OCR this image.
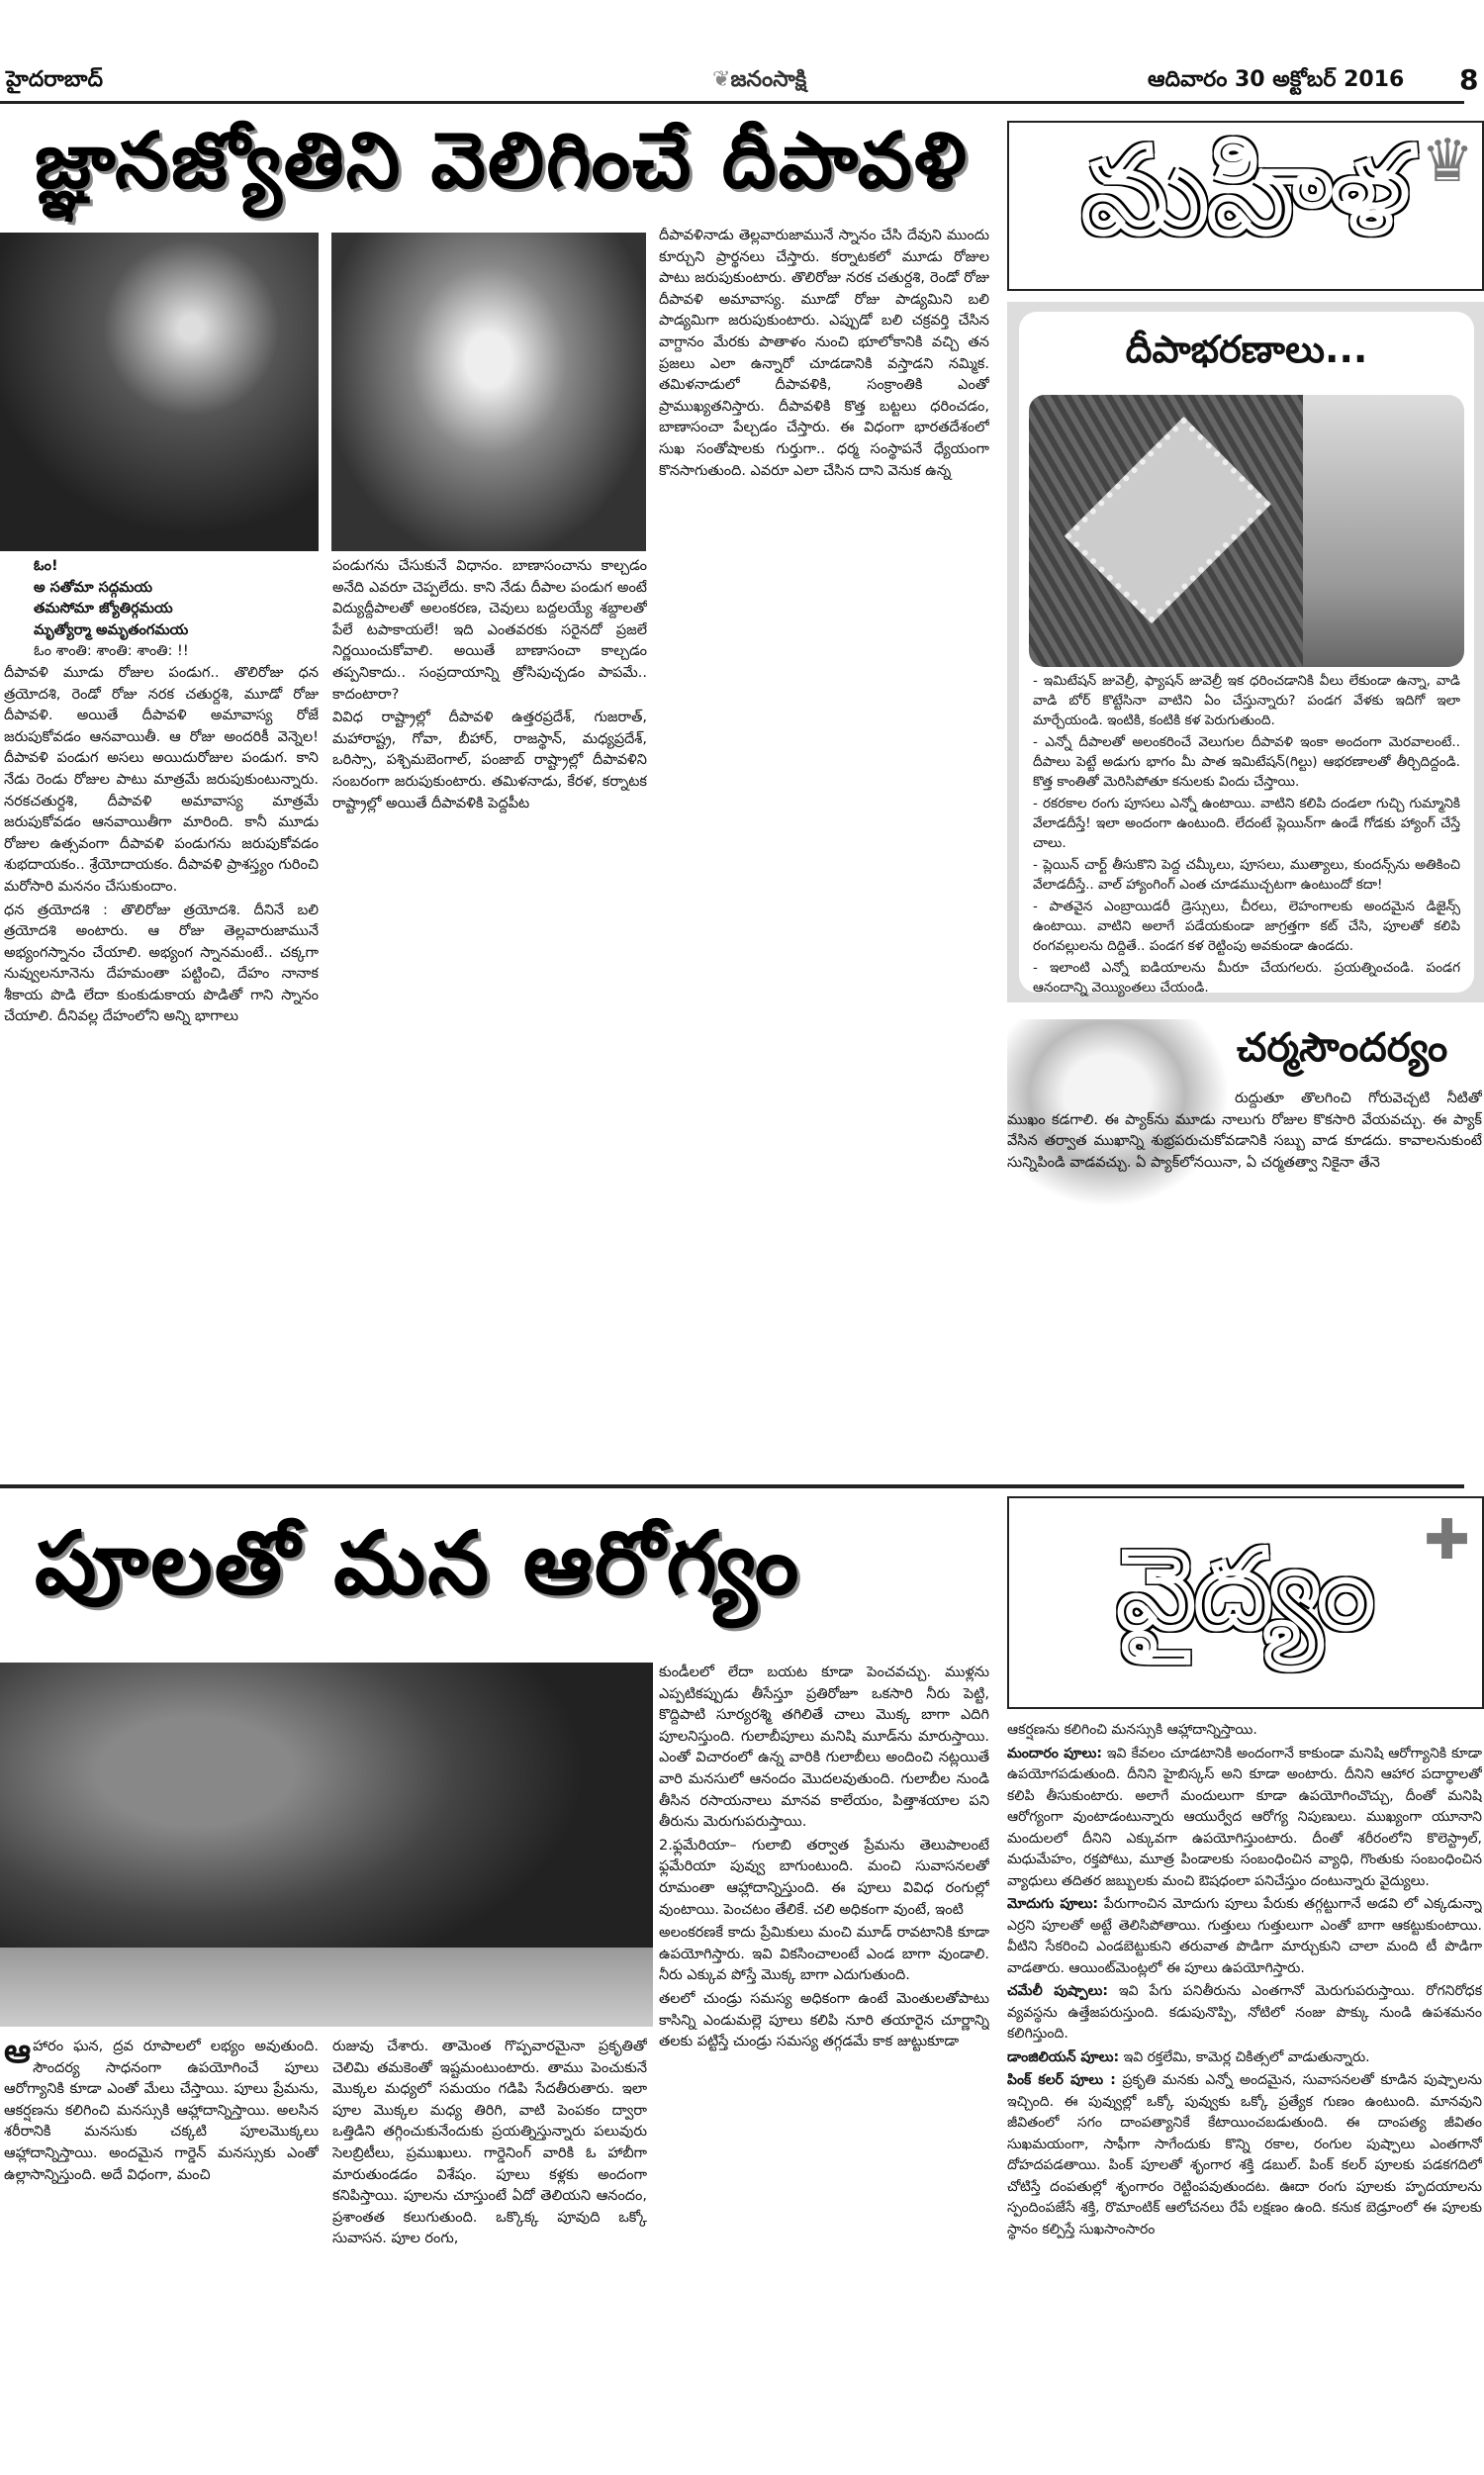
హైదరాబాద్	❦జనంసాక్షి	ఆదివారం 30 అక్టోబర్ 2016 8
జ్ఞానజ్యోతిని వెలిగించే దీపావళి మహిళ ♛
ఓం!
అ సతోమా సద్గమయ
తమసోమా జ్యోతిర్గమయ
మృత్యోర్మా అమృతంగమయ
ఓం శాంతి: శాంతి: శాంతి: !!

దీపావళి మూడు రోజుల పండుగ.. తొలిరోజు ధన త్రయోదశి, రెండో రోజు నరక చతుర్దశి, మూడో రోజు దీపావళి. అయితే దీపావళి అమావాస్య రోజే జరుపుకోవడం ఆనవాయితీ. ఆ రోజు అందరికీ వెన్నెల! దీపావళి పండుగ అసలు అయిదురోజుల పండుగ. కాని నేడు రెండు రోజుల పాటు మాత్రమే జరుపుకుంటున్నారు. నరకచతుర్దశి, దీపావళి అమావాస్య మాత్రమే జరుపుకోవడం ఆనవాయితీగా మారింది. కానీ మూడు రోజుల ఉత్సవంగా దీపావళి పండుగను జరుపుకోవడం శుభదాయకం.. శ్రేయోదాయకం. దీపావళి ప్రాశస్త్యం గురించి మరోసారి మననం చేసుకుందాం.

ధన త్రయోదశి : తొలిరోజు త్రయోదశి. దీనినే బలి త్రయోదశి అంటారు. ఆ రోజు తెల్లవారుజామునే అభ్యంగస్నానం చేయాలి. అభ్యంగ స్నానమంటే.. చక్కగా నువ్వులనూనెను దేహమంతా పట్టించి, దేహం నానాక శీకాయ పొడి లేదా కుంకుడుకాయ పొడితో గాని స్నానం చేయాలి. దీనివల్ల దేహంలోని అన్ని భాగాలు

పండుగను చేసుకునే విధానం. బాణాసంచాను కాల్చడం అనేది ఎవరూ చెప్పలేదు. కాని నేడు దీపాల పండుగ అంటే విద్యుద్దీపాలతో అలంకరణ, చెవులు బద్దలయ్యే శబ్దాలతో పేలే టపాకాయలే! ఇది ఎంతవరకు సరైనదో ప్రజలే నిర్ణయించుకోవాలి. అయితే బాణాసంచా కాల్చడం తప్పనికాదు.. సంప్రదాయాన్ని త్రోసిపుచ్చడం పాపమే.. కాదంటారా?

వివిధ రాష్ట్రాల్లో దీపావళి ఉత్తరప్రదేశ్, గుజరాత్, మహారాష్ట్ర, గోవా, బీహార్, రాజస్థాన్, మధ్యప్రదేశ్, ఒరిస్సా, పశ్చిమబెంగాల్, పంజాబ్ రాష్ట్రాల్లో దీపావళిని సంబరంగా జరుపుకుంటారు. తమిళనాడు, కేరళ, కర్నాటక రాష్ట్రాల్లో అయితే దీపావళికి పెద్దపీట

దీపావళినాడు తెల్లవారుజామునే స్నానం చేసి దేవుని ముందు కూర్చుని ప్రార్థనలు చేస్తారు. కర్నాటకలో మూడు రోజుల పాటు జరుపుకుంటారు. తొలిరోజు నరక చతుర్దశి, రెండో రోజు దీపావళి అమావాస్య. మూడో రోజు పాడ్యమిని బలి పాడ్యమిగా జరుపుకుంటారు. ఎప్పుడో బలి చక్రవర్తి చేసిన వాగ్దానం మేరకు పాతాళం నుంచి భూలోకానికి వచ్చి తన ప్రజలు ఎలా ఉన్నారో చూడడానికి వస్తాడని నమ్మిక. తమిళనాడులో దీపావళికి, సంక్రాంతికి ఎంతో ప్రాముఖ్యతనిస్తారు. దీపావళికి కొత్త బట్టలు ధరించడం, బాణాసంచా పేల్చడం చేస్తారు. ఈ విధంగా భారతదేశంలో సుఖ సంతోషాలకు గుర్తుగా.. ధర్మ సంస్థాపనే ధ్యేయంగా కొనసాగుతుంది. ఎవరూ ఎలా చేసిన దాని వెనుక ఉన్న

దీపాభరణాలు...

- ఇమిటేషన్ జువెల్రీ, ఫ్యాషన్ జువెల్రీ ఇక ధరించడానికి వీలు లేకుండా ఉన్నా, వాడి వాడి బోర్ కొట్టేసినా వాటిని ఏం చేస్తున్నారు? పండగ వేళకు ఇదిగో ఇలా మార్చేయండి. ఇంటికి, కంటికి కళ పెరుగుతుంది.

- ఎన్నో దీపాలతో అలంకరించే వెలుగుల దీపావళి ఇంకా అందంగా మెరవాలంటే.. దీపాలు పెట్టే అడుగు భాగం మీ పాత ఇమిటేషన్(గిల్టు) ఆభరణాలతో తీర్చిదిద్దండి. కొత్త కాంతితో మెరిసిపోతూ కనులకు విందు చేస్తాయి.

- రకరకాల రంగు పూసలు ఎన్నో ఉంటాయి. వాటిని కలిపి దండలా గుచ్చి గుమ్మానికి వేలాడదీస్తే! ఇలా అందంగా ఉంటుంది. లేదంటే ప్లెయిన్‌గా ఉండే గోడకు హ్యాంగ్ చేస్తే చాలు.

- ప్లెయిన్ చార్ట్ తీసుకొని పెద్ద చమ్కీలు, పూసలు, ముత్యాలు, కుందన్స్‌ను అతికించి వేలాడదీస్తే.. వాల్ హ్యాంగింగ్ ఎంత చూడముచ్చటగా ఉంటుందో కదా!

- పాతవైన ఎంబ్రాయిడరీ డ్రెస్సులు, చీరలు, లెహంగాలకు అందమైన డిజైన్స్ ఉంటాయి. వాటిని అలాగే పడేయకుండా జాగ్రత్తగా కట్ చేసి, పూలతో కలిపి రంగవల్లులను దిద్దితే.. పండగ కళ రెట్టింపు అవకుండా ఉండదు.

- ఇలాంటి ఎన్నో ఐడియాలను మీరూ చేయగలరు. ప్రయత్నించండి. పండగ ఆనందాన్ని వెయ్యింతలు చేయండి.

చర్మసౌందర్యం
రుద్దుతూ తొలగించి గోరువెచ్చటి నీటితో ముఖం కడగాలి. ఈ ప్యాక్‌ను మూడు నాలుగు రోజుల కొకసారి వేయవచ్చు. ఈ ప్యాక్ వేసిన తర్వాత ముఖాన్ని శుభ్రపరుచుకోవడానికి సబ్బు వాడ కూడదు. కావాలనుకుంటే సున్నిపిండి వాడవచ్చు. ఏ ప్యాక్‌లోనయినా, ఏ చర్మతత్వా నికైనా తేనె
పూలతో మన ఆరోగ్యం	వైద్యం ✚
ఆహారం ఘన, ద్రవ రూపాలలో లభ్యం అవుతుంది. సౌందర్య సాధనంగా ఉపయోగించే పూలు ఆరోగ్యానికి కూడా ఎంతో మేలు చేస్తాయి. పూలు ప్రేమను, ఆకర్షణను కలిగించి మనస్సుకి ఆహ్లాదాన్నిస్తాయి. అలసిన శరీరానికి మనసుకు చక్కటి పూలమొక్కలు ఆహ్లాదాన్నిస్తాయి. అందమైన గార్డెన్ మనస్సుకు ఎంతో ఉల్లాసాన్నిస్తుంది. అదే విధంగా, మంచి
రుజువు చేశారు. తామెంత గొప్పవారమైనా ప్రకృతితో చెలిమి తమకెంతో ఇష్టమంటుంటారు. తాము పెంచుకునే మొక్కల మధ్యలో సమయం గడిపి సేదతీరుతారు. ఇలా పూల మొక్కల మధ్య తిరిగి, వాటి పెంపకం ద్వారా ఒత్తిడిని తగ్గించుకునేందుకు ప్రయత్నిస్తున్నారు పలువురు సెలబ్రిటీలు, ప్రముఖులు. గార్డెనింగ్ వారికి ఓ హాబీగా మారుతుండడం విశేషం. పూలు కళ్లకు అందంగా కనిపిస్తాయి. పూలను చూస్తుంటే ఏదో తెలియని ఆనందం, ప్రశాంతత కలుగుతుంది. ఒక్కొక్క పూవుది ఒక్కో సువాసన. పూల రంగు,

కుండీలలో లేదా బయట కూడా పెంచవచ్చు. ముళ్లను ఎప్పటికప్పుడు తీసేస్తూ ప్రతిరోజూ ఒకసారి నీరు పెట్టి, కొద్దిపాటి సూర్యరశ్మి తగిలితే చాలు మొక్క బాగా ఎదిగి పూలనిస్తుంది. గులాబీపూలు మనిషి మూడ్‌ను మారుస్తాయి. ఎంతో విచారంలో ఉన్న వారికి గులాబీలు అందించి నట్లయితే వారి మనసులో ఆనందం మొదలవుతుంది. గులాబీల నుండి తీసిన రసాయనాలు మానవ కాలేయం, పిత్తాశయాల పని తీరును మెరుగుపరుస్తాయి.

2.ఫ్లమేరియా– గులాబి తర్వాత ప్రేమను తెలుపాలంటే ఫ్లమేరియా పువ్వు బాగుంటుంది. మంచి సువాసనలతో రూమంతా ఆహ్లాదాన్నిస్తుంది. ఈ పూలు వివిధ రంగుల్లో వుంటాయి. పెంచటం తేలికే. చలి అధికంగా వుంటే, ఇంటి

అలంకరణకే కాదు ప్రేమికులు మంచి మూడ్ రావటానికి కూడా ఉపయోగిస్తారు. ఇవి వికసించాలంటే ఎండ బాగా వుండాలి. నీరు ఎక్కువ పోస్తే మొక్క బాగా ఎదుగుతుంది.

తలలో చుండ్రు సమస్య అధికంగా ఉంటే మెంతులతోపాటు కాసిన్ని ఎండుమల్లె పూలు కలిపి నూరి తయారైన చూర్ణాన్ని తలకు పట్టిస్తే చుండ్రు సమస్య తగ్గడమే కాక జుట్టుకూడా

ఆకర్షణను కలిగించి మనస్సుకి ఆహ్లాదాన్నిస్తాయి.

మందారం పూలు: ఇవి కేవలం చూడటానికి అందంగానే కాకుండా మనిషి ఆరోగ్యానికి కూడా ఉపయోగపడుతుంది. దీనిని హైబిస్కస్ అని కూడా అంటారు. దీనిని ఆహార పదార్థాలతో కలిపి తీసుకుంటారు. అలాగే మందులుగా కూడా ఉపయోగించొచ్చు, దీంతో మనిషి ఆరోగ్యంగా వుంటాడంటున్నారు ఆయుర్వేద ఆరోగ్య నిపుణులు. ముఖ్యంగా యూనాని మందులలో దీనిని ఎక్కువగా ఉపయోగిస్తుంటారు. దీంతో శరీరంలోని కొలెస్ట్రాల్, మధుమేహం, రక్తపోటు, మూత్ర పిండాలకు సంబంధించిన వ్యాధి, గొంతుకు సంబంధించిన వ్యాధులు తదితర జబ్బులకు మంచి ఔషధంలా పనిచేస్తుం దంటున్నారు వైద్యులు.

మోదుగు పూలు: పేరుగాంచిన మోదుగు పూలు పేరుకు తగ్గట్టుగానే అడవి లో ఎక్కడున్నా ఎర్రని పూలతో అట్టే తెలిసిపోతాయి. గుత్తులు గుత్తులుగా ఎంతో బాగా ఆకట్టుకుంటాయి. వీటిని సేకరించి ఎండబెట్టుకుని తరువాత పొడిగా మార్చుకుని చాలా మంది టీ పొడిగా వాడతారు. ఆయింట్‌మెంట్లలో ఈ పూలు ఉపయోగిస్తారు.

చమేలీ పుష్పాలు: ఇవి పేగు పనితీరును ఎంతగానో మెరుగుపరుస్తాయి. రోగనిరోధక వ్యవస్థను ఉత్తేజపరుస్తుంది. కడుపునొప్పి, నోటిలో నంజు పొక్కు నుండి ఉపశమనం కలిగిస్తుంది.

డాంజిలియన్ పూలు: ఇవి రక్తలేమి, కామెర్ల చికిత్సలో వాడుతున్నారు.

పింక్ కలర్ పూలు : ప్రకృతి మనకు ఎన్నో అందమైన, సువాసనలతో కూడిన పుష్పాలను ఇచ్చింది. ఈ పువ్వుల్లో ఒక్కో పువ్వుకు ఒక్కో ప్రత్యేక గుణం ఉంటుంది. మానవుని జీవితంలో సగం దాంపత్యానికే కేటాయించబడుతుంది. ఈ దాంపత్య జీవితం సుఖమయంగా, సాఫీగా సాగేందుకు కొన్ని రకాల, రంగుల పుష్పాలు ఎంతగానో దోహదపడతాయి. పింక్ పూలతో శృంగార శక్తి డబుల్. పింక్ కలర్ పూలకు పడకగదిలో చోటిస్తే దంపతుల్లో శృంగారం రెట్టింపవుతుందట. ఊదా రంగు పూలకు హృదయాలను స్పందింపజేసే శక్తి, రొమాంటిక్ ఆలోచనలు రేపే లక్షణం ఉంది. కనుక బెడ్రూంలో ఈ పూలకు స్థానం కల్పిస్తే సుఖసాంసారం
